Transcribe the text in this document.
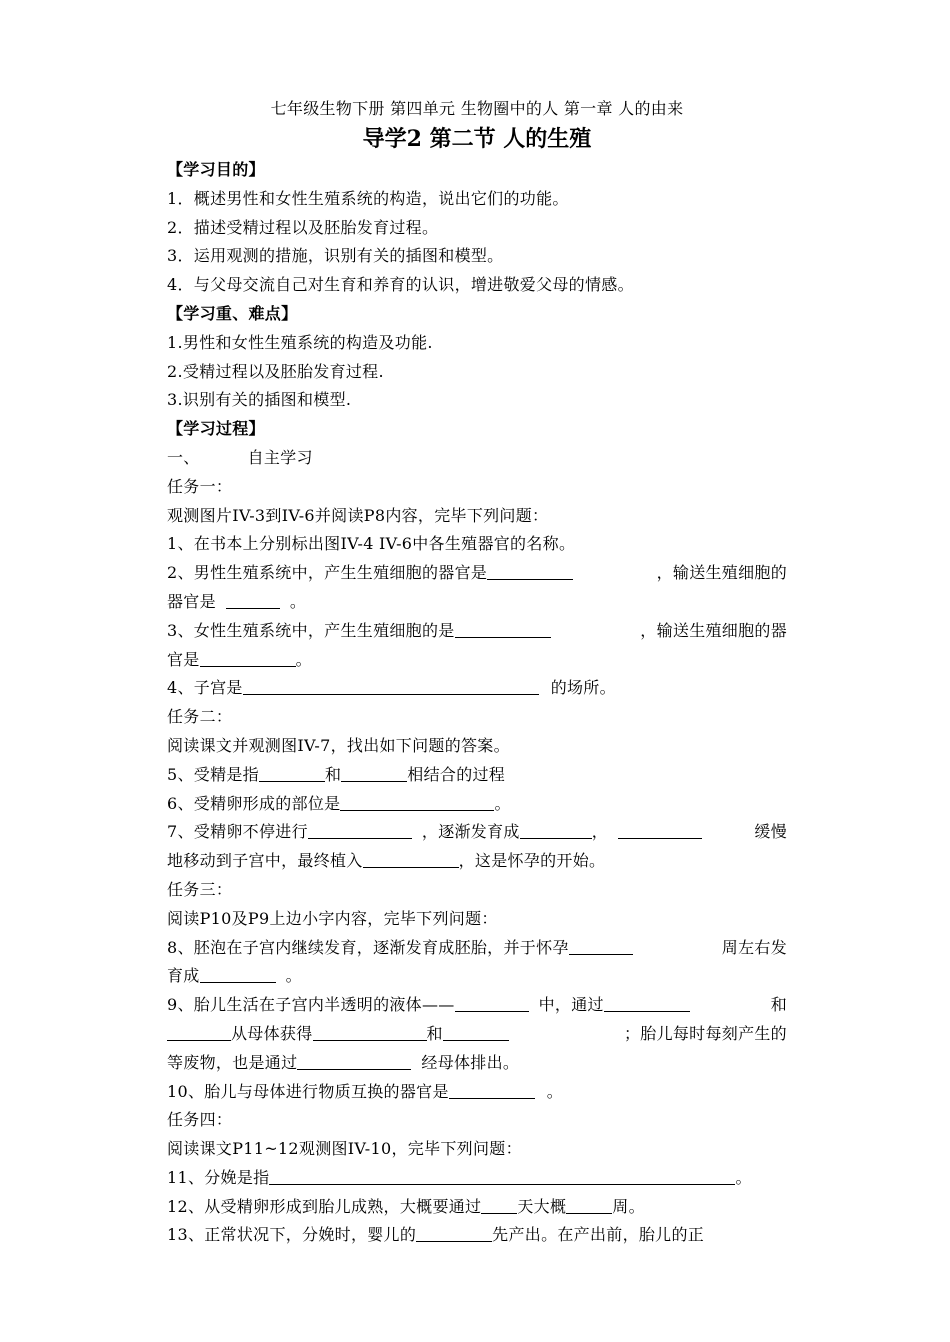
七年级生物下册 第四单元 生物圈中的人 第一章 人的由来
导学2 第二节 人的生殖
【学习目的】
1．概述男性和女性生殖系统的构造，说出它们的功能。
2．描述受精过程以及胚胎发育过程。
3．运用观测的措施，识别有关的插图和模型。
4．与父母交流自己对生育和养育的认识，增进敬爱父母的情感。
【学习重、难点】
1.男性和女性生殖系统的构造及功能.
2.受精过程以及胚胎发育过程.
3.识别有关的插图和模型.
【学习过程】
一、	自主学习
任务一：
观测图片IV-3到IV-6并阅读P8内容，完毕下列问题：
1、在书本上分别标出图IV-4 IV-6中各生殖器官的名称。
2、男性生殖系统中，产生生殖细胞的器官是	，输送生殖细胞的
器官是	。
3、女性生殖系统中，产生生殖细胞的是	，输送生殖细胞的器
官是	。
4、子宫是	的场所。
任务二：
阅读课文并观测图IV-7，找出如下问题的答案。
5、受精是指	和	相结合的过程
6、受精卵形成的部位是	。
7、受精卵不停进行	，逐渐发育成	，	缓慢
地移动到子宫中，最终植入	，这是怀孕的开始。
任务三：
阅读P10及P9上边小字内容，完毕下列问题：
8、胚泡在子宫内继续发育，逐渐发育成胚胎，并于怀孕	周左右发
育成	。
9、胎儿生活在子宫内半透明的液体——	中，通过	和
从母体获得	和	；胎儿每时每刻产生的
等废物，也是通过	经母体排出。
10、胎儿与母体进行物质互换的器官是	。
任务四：
阅读课文P11~12观测图IV-10，完毕下列问题：
11、分娩是指	。
12、从受精卵形成到胎儿成熟，大概要通过 天大概	周。
13、正常状况下，分娩时，婴儿的	先产出。在产出前，胎儿的正
